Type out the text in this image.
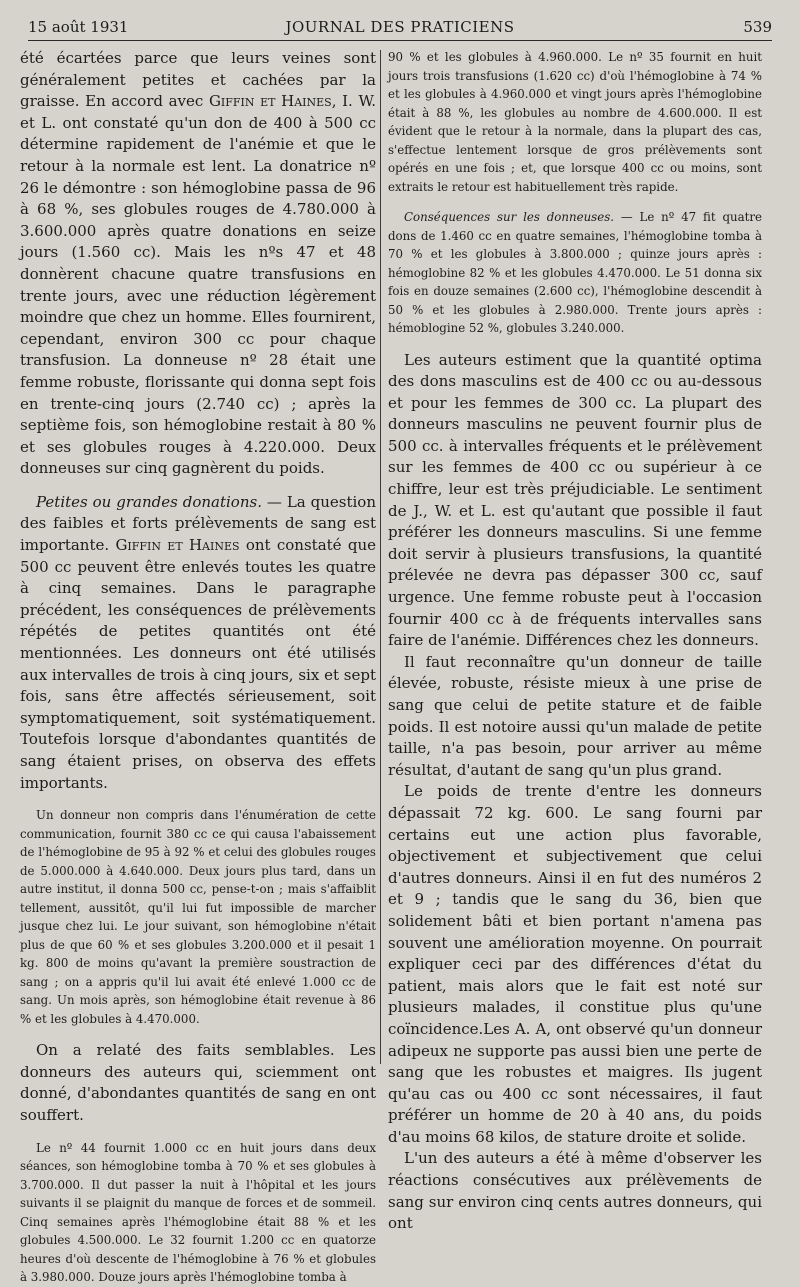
15 août 1931	JOURNAL DES PRATICIENS	539

été écartées parce que leurs veines sont généralement petites et cachées par la graisse. En accord avec Giffin et Haines, I. W. et L. ont constaté qu'un don de 400 à 500 cc détermine rapidement de l'anémie et que le retour à la normale est lent. La donatrice nº 26 le démontre : son hémoglobine passa de 96 à 68 %, ses globules rouges de 4.780.000 à 3.600.000 après quatre donations en seize jours (1.560 cc). Mais les nºs 47 et 48 donnèrent chacune quatre transfusions en trente jours, avec une réduction légèrement moindre que chez un homme. Elles fournirent, cependant, environ 300 cc pour chaque transfusion. La donneuse nº 28 était une femme robuste, florissante qui donna sept fois en trente-cinq jours (2.740 cc) ; après la septième fois, son hémoglobine restait à 80 % et ses globules rouges à 4.220.000. Deux donneuses sur cinq gagnèrent du poids.

Petites ou grandes donations. — La question des faibles et forts prélèvements de sang est importante. Giffin et Haines ont constaté que 500 cc peuvent être enlevés toutes les quatre à cinq semaines. Dans le paragraphe précédent, les conséquences de prélèvements répétés de petites quantités ont été mentionnées. Les donneurs ont été utilisés aux intervalles de trois à cinq jours, six et sept fois, sans être affectés sérieusement, soit symptomatiquement, soit systématiquement. Toutefois lorsque d'abondantes quantités de sang étaient prises, on observa des effets importants.

Un donneur non compris dans l'énumération de cette communication, fournit 380 cc ce qui causa l'abaissement de l'hémoglobine de 95 à 92 % et celui des globules rouges de 5.000.000 à 4.640.000. Deux jours plus tard, dans un autre institut, il donna 500 cc, pense-t-on ; mais s'affaiblit tellement, aussitôt, qu'il lui fut impossible de marcher jusque chez lui. Le jour suivant, son hémoglobine n'était plus de que 60 % et ses globules 3.200.000 et il pesait 1 kg. 800 de moins qu'avant la première soustraction de sang ; on a appris qu'il lui avait été enlevé 1.000 cc de sang. Un mois après, son hémoglobine était revenue à 86 % et les globules à 4.470.000.

On a relaté des faits semblables. Les donneurs des auteurs qui, sciemment ont donné, d'abondantes quantités de sang en ont souffert.

Le nº 44 fournit 1.000 cc en huit jours dans deux séances, son hémoglobine tomba à 70 % et ses globules à 3.700.000. Il dut passer la nuit à l'hôpital et les jours suivants il se plaignit du manque de forces et de sommeil. Cinq semaines après l'hémoglobine était 88 % et les globules 4.500.000. Le 32 fournit 1.200 cc en quatorze heures d'où descente de l'hémoglobine à 76 % et globules à 3.980.000. Douze jours après l'hémoglobine tomba à

90 % et les globules à 4.960.000. Le nº 35 fournit en huit jours trois transfusions (1.620 cc) d'où l'hémoglobine à 74 % et les globules à 4.960.000 et vingt jours après l'hémoglobine était à 88 %, les globules au nombre de 4.600.000. Il est évident que le retour à la normale, dans la plupart des cas, s'effectue lentement lorsque de gros prélèvements sont opérés en une fois ; et, que lorsque 400 cc ou moins, sont extraits le retour est habituellement très rapide.

Conséquences sur les donneuses. — Le nº 47 fit quatre dons de 1.460 cc en quatre semaines, l'hémoglobine tomba à 70 % et les globules à 3.800.000 ; quinze jours après : hémoglobine 82 % et les globules 4.470.000. Le 51 donna six fois en douze semaines (2.600 cc), l'hémoglobine descendit à 50 % et les globules à 2.980.000. Trente jours après : hémoblogine 52 %, globules 3.240.000.

Les auteurs estiment que la quantité optima des dons masculins est de 400 cc ou au-dessous et pour les femmes de 300 cc. La plupart des donneurs masculins ne peuvent fournir plus de 500 cc. à intervalles fréquents et le prélèvement sur les femmes de 400 cc ou supérieur à ce chiffre, leur est très préjudiciable. Le sentiment de J., W. et L. est qu'autant que possible il faut préférer les donneurs masculins. Si une femme doit servir à plusieurs transfusions, la quantité prélevée ne devra pas dépasser 300 cc, sauf urgence. Une femme robuste peut à l'occasion fournir 400 cc à de fréquents intervalles sans faire de l'anémie. Différences chez les donneurs.

Il faut reconnaître qu'un donneur de taille élevée, robuste, résiste mieux à une prise de sang que celui de petite stature et de faible poids. Il est notoire aussi qu'un malade de petite taille, n'a pas besoin, pour arriver au même résultat, d'autant de sang qu'un plus grand.

Le poids de trente d'entre les donneurs dépassait 72 kg. 600. Le sang fourni par certains eut une action plus favorable, objectivement et subjectivement que celui d'autres donneurs. Ainsi il en fut des numéros 2 et 9 ; tandis que le sang du 36, bien que solidement bâti et bien portant n'amena pas souvent une amélioration moyenne. On pourrait expliquer ceci par des différences d'état du patient, mais alors que le fait est noté sur plusieurs malades, il constitue plus qu'une coïncidence.Les A. A, ont observé qu'un donneur adipeux ne supporte pas aussi bien une perte de sang que les robustes et maigres. Ils jugent qu'au cas ou 400 cc sont nécessaires, il faut préférer un homme de 20 à 40 ans, du poids d'au moins 68 kilos, de stature droite et solide.

L'un des auteurs a été à même d'observer les réactions consécutives aux prélèvements de sang sur environ cinq cents autres donneurs, qui ont
